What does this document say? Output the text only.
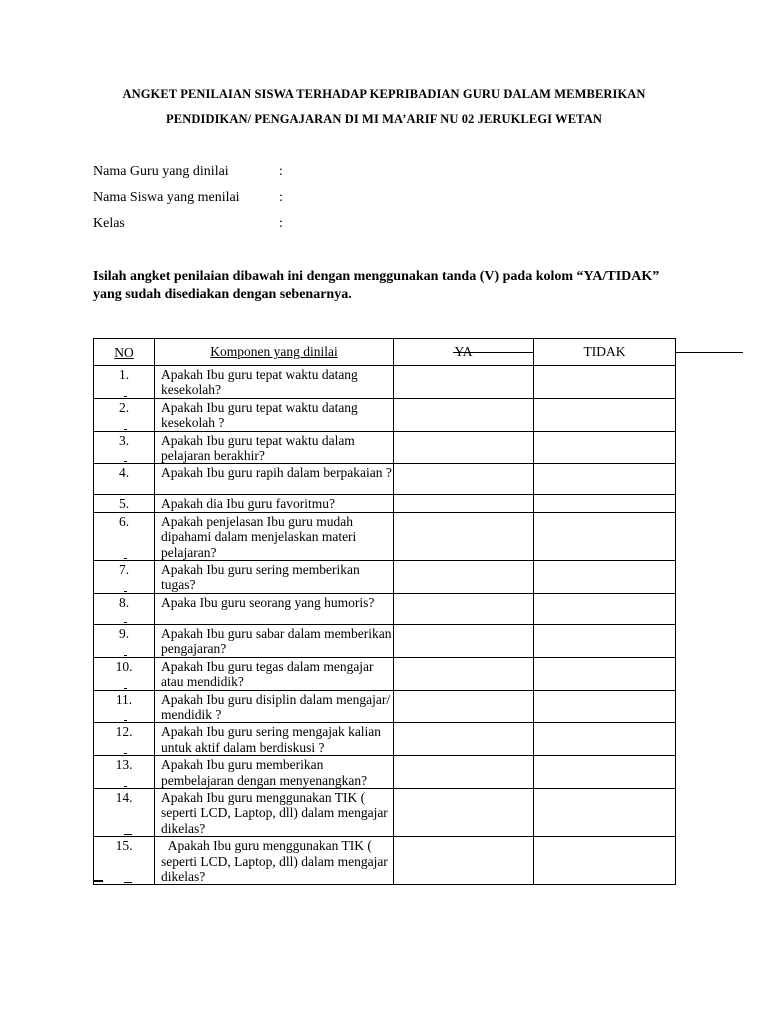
ANGKET PENILAIAN SISWA TERHADAP KEPRIBADIAN GURU DALAM MEMBERIKAN
PENDIDIKAN/ PENGAJARAN DI MI MA’ARIF NU 02 JERUKLEGI WETAN
Nama Guru yang dinilai	:
Nama Siswa yang menilai	:
Kelas	:
Isilah angket penilaian dibawah ini dengan menggunakan tanda (V) pada kolom “YA/TIDAK”
yang sudah disediakan dengan sebenarnya.
NO	Komponen yang dinilai	YA	TIDAK
1.	Apakah Ibu guru tepat waktu datang kesekolah?		
2.	Apakah Ibu guru tepat waktu datang kesekolah ?		
3.	Apakah Ibu guru tepat waktu dalam pelajaran berakhir?		
4.	Apakah Ibu guru rapih dalam berpakaian ?		
5.	Apakah dia Ibu guru favoritmu?		
6.	Apakah penjelasan Ibu guru mudah dipahami dalam menjelaskan materi pelajaran?		
7.	Apakah Ibu guru sering memberikan tugas?		
8.	Apaka Ibu guru seorang yang humoris?		
9.	Apakah Ibu guru sabar dalam memberikan pengajaran?		
10.	Apakah Ibu guru tegas dalam mengajar atau mendidik?		
11.	Apakah Ibu guru disiplin dalam mengajar/ mendidik ?		
12.	Apakah Ibu guru sering mengajak kalian untuk aktif dalam berdiskusi ?		
13.	Apakah Ibu guru memberikan pembelajaran dengan menyenangkan?		
14.	Apakah Ibu guru menggunakan TIK ( seperti LCD, Laptop, dll) dalam mengajar dikelas?		
15.	Apakah Ibu guru menggunakan TIK ( seperti LCD, Laptop, dll) dalam mengajar dikelas?		
